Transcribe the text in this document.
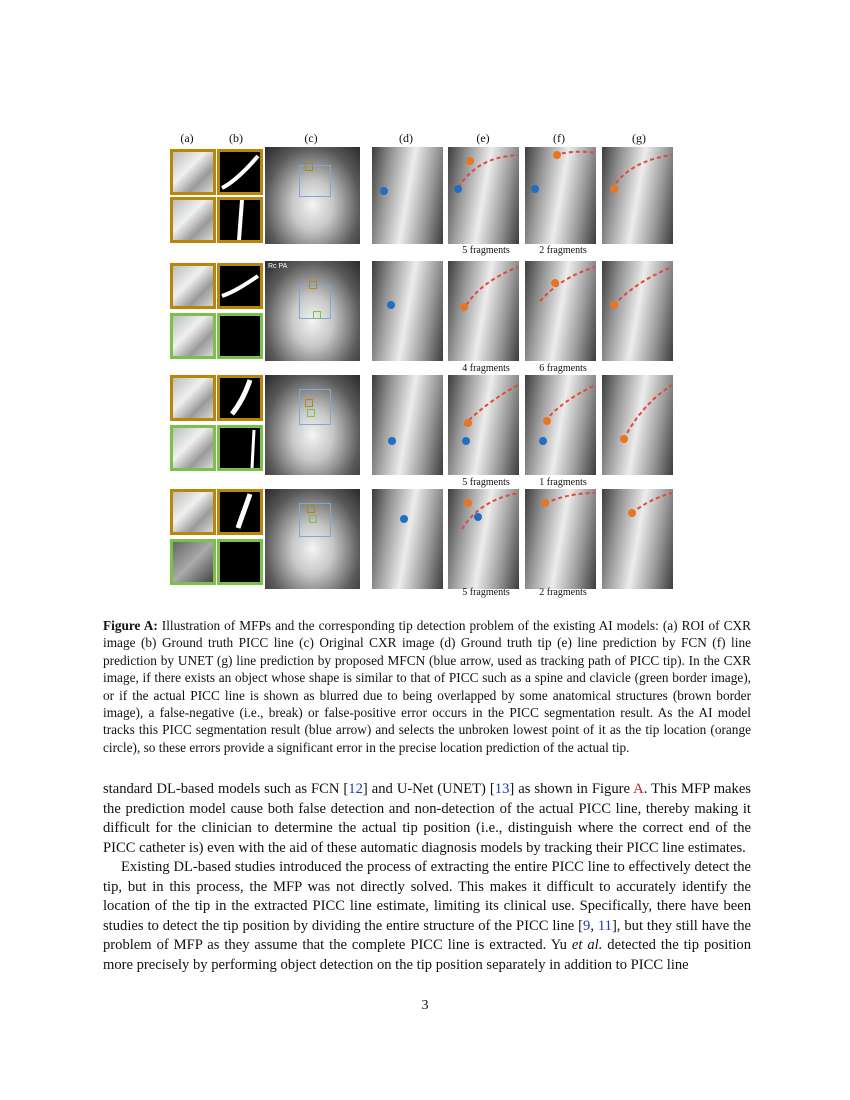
(a)	(b)	(c)	(d)	(e)	(f)	(g)
5 fragments	2 fragments
Rc PA
4 fragments	6 fragments
5 fragments	1 fragments
5 fragments	2 fragments
Figure A: Illustration of MFPs and the corresponding tip detection problem of the existing AI models: (a) ROI of CXR image (b) Ground truth PICC line (c) Original CXR image (d) Ground truth tip (e) line prediction by FCN (f) line prediction by UNET (g) line prediction by proposed MFCN (blue arrow, used as tracking path of PICC tip). In the CXR image, if there exists an object whose shape is similar to that of PICC such as a spine and clavicle (green border image), or if the actual PICC line is shown as blurred due to being overlapped by some anatomical structures (brown border image), a false-negative (i.e., break) or false-positive error occurs in the PICC segmentation result. As the AI model tracks this PICC segmentation result (blue arrow) and selects the unbroken lowest point of it as the tip location (orange circle), so these errors provide a significant error in the precise location prediction of the actual tip.
standard DL-based models such as FCN [12] and U-Net (UNET) [13] as shown in Figure A. This MFP makes the prediction model cause both false detection and non-detection of the actual PICC line, thereby making it difficult for the clinician to determine the actual tip position (i.e., distinguish where the correct end of the PICC catheter is) even with the aid of these automatic diagnosis models by tracking their PICC line estimates.
Existing DL-based studies introduced the process of extracting the entire PICC line to effectively detect the tip, but in this process, the MFP was not directly solved. This makes it difficult to accurately identify the location of the tip in the extracted PICC line estimate, limiting its clinical use. Specifically, there have been studies to detect the tip position by dividing the entire structure of the PICC line [9, 11], but they still have the problem of MFP as they assume that the complete PICC line is extracted. Yu et al. detected the tip position more precisely by performing object detection on the tip position separately in addition to PICC line
3
